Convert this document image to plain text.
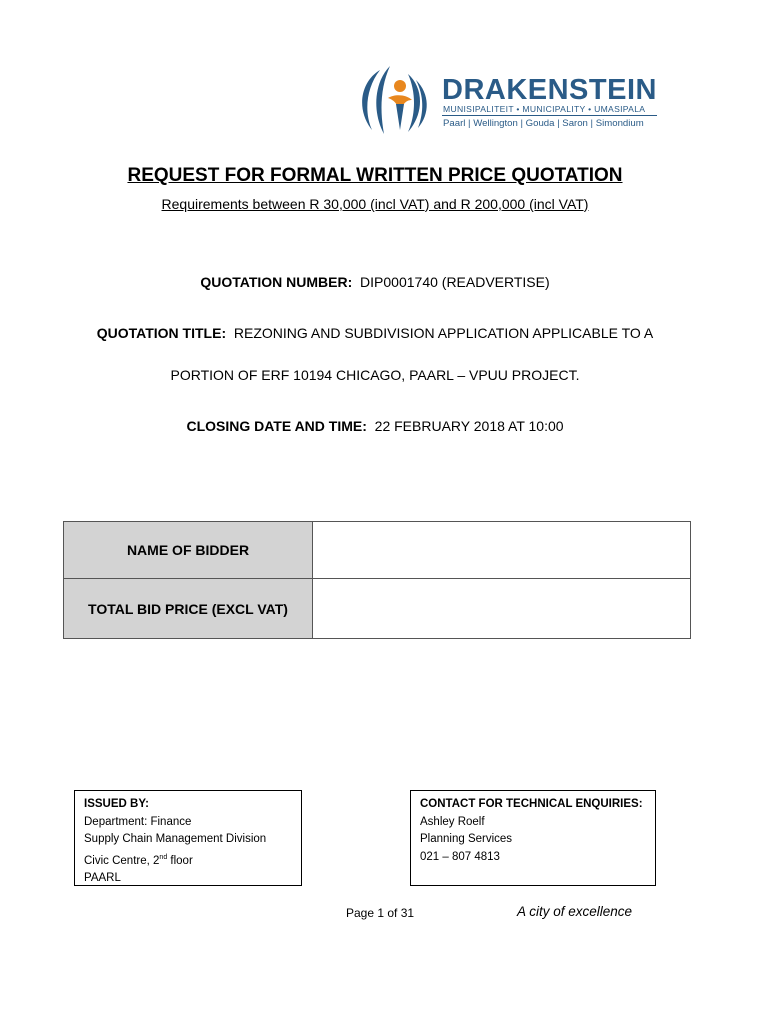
DRAKENSTEIN
MUNISIPALITEIT • MUNICIPALITY • UMASIPALA
Paarl | Wellington | Gouda | Saron | Simondium
REQUEST FOR FORMAL WRITTEN PRICE QUOTATION
Requirements between R 30,000 (incl VAT) and R 200,000 (incl VAT)
QUOTATION NUMBER: DIP0001740 (READVERTISE)
QUOTATION TITLE: REZONING AND SUBDIVISION APPLICATION APPLICABLE TO A
PORTION OF ERF 10194 CHICAGO, PAARL – VPUU PROJECT.
CLOSING DATE AND TIME: 22 FEBRUARY 2018 AT 10:00
NAME OF BIDDER	
TOTAL BID PRICE (EXCL VAT)	
ISSUED BY:
Department: Finance
Supply Chain Management Division
Civic Centre, 2nd floor
PAARL
CONTACT FOR TECHNICAL ENQUIRIES:
Ashley Roelf
Planning Services
021 – 807 4813
Page 1 of 31	A city of excellence
